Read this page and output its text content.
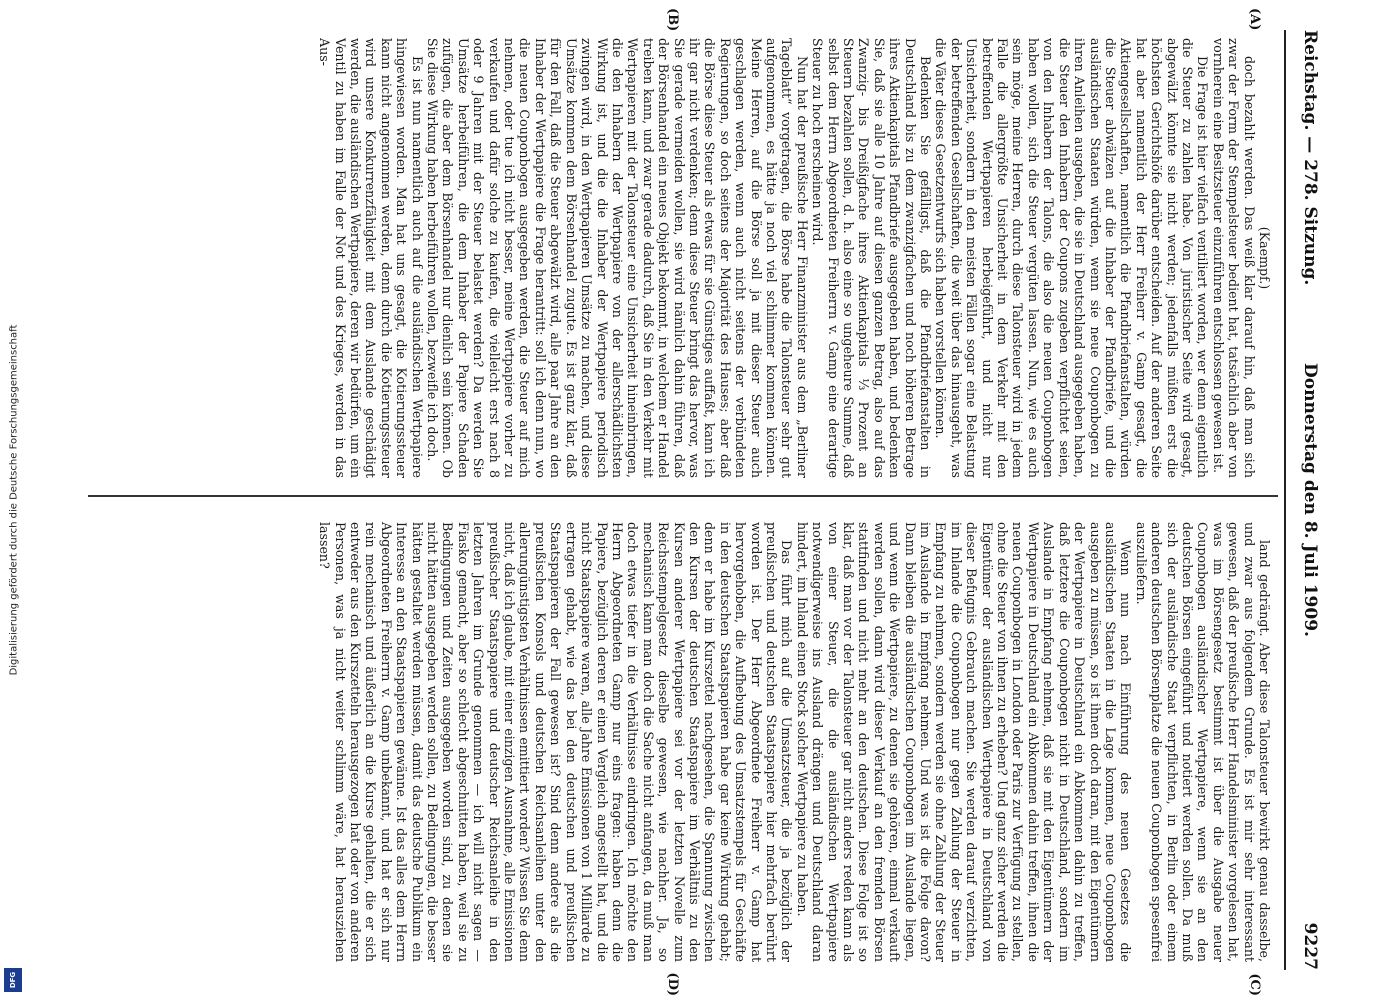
Digitalisierung gefördert durch die Deutsche Forschungsgemeinschaft
DFG
Reichstag. — 278. Sitzung.
Donnerstag den 8. Juli 1909.
9227
(A)
(B)
(C)
(D)
(Kaempf.)

doch bezahlt werden. Das weiß klar darauf hin, daß man sich zwar der Form der Stempelsteuer bedient hat, tatsächlich aber von vornherein eine Besitzsteuer einzuführen entschlossen gewesen ist.

Die Frage ist hier vielfach ventiliert worden, wer denn eigentlich die Steuer zu zahlen habe. Von juristischer Seite wird gesagt, abgewälzt könnte sie nicht werden; jedenfalls müßten erst die höchsten Gerichtshöfe darüber entscheiden. Auf der anderen Seite hat aber namentlich der Herr Freiherr v. Gamp gesagt, die Aktiengesellschaften, namentlich die Pfandbriefanstalten, würden die Steuer abwälzen auf die Inhaber der Pfandbriefe, und die ausländischen Staaten würden, wenn sie neue Couponbogen zu ihren Anleihen ausgeben, die sie in Deutschland ausgegeben haben, die Steuer den Inhabern der Coupons zugeben verpflichtet seien, von den Inhabern der Talons, die also die neuen Couponbogen haben wollen, sich die Steuer vergüten lassen. Nun, wie es auch sein möge, meine Herren, durch diese Talonsteuer wird in jedem Falle die allergrößte Unsicherheit in dem Verkehr mit den betreffenden Wertpapieren herbeigeführt, und nicht nur Unsicherheit, sondern in den meisten Fällen sogar eine Belastung der betreffenden Gesellschaften, die weit über das hinausgeht, was die Väter dieses Gesetzentwurfs sich haben vorstellen können.

Bedenken Sie gefälligst, daß die Pfandbriefanstalten in Deutschland bis zu dem zwanzigfachen und noch höheren Betrage ihres Aktienkapitals Pfandbriefe ausgegeben haben, und bedenken Sie, daß sie alle 10 Jahre auf diesen ganzen Betrag, also auf das Zwanzig- bis Dreißigfache ihres Aktienkapitals ⅓ Prozent an Steuern bezahlen sollen, d. h. also eine so ungeheure Summe, daß selbst dem Herrn Abgeordneten Freiherrn v. Gamp eine derartige Steuer zu hoch erscheinen wird.

Nun hat der preußische Herr Finanzminister aus dem „Berliner Tageblatt“ vorgetragen, die Börse habe die Talonsteuer sehr gut aufgenommen, es hätte ja noch viel schlimmer kommen können. Meine Herren, auf die Börse soll ja mit dieser Steuer auch geschlagen werden, wenn auch nicht seitens der verbündeten Regierungen, so doch seitens der Majorität des Hauses; aber daß die Börse diese Steuer als etwas für sie Günstiges auffaßt, kann ich ihr gar nicht verdenken; denn diese Steuer bringt das hervor, was Sie gerade vermeiden wollen, sie wird nämlich dahin führen, daß der Börsenhandel ein neues Objekt bekommt, in welchem er Handel treiben kann, und zwar gerade dadurch, daß Sie in den Verkehr mit Wertpapieren mit der Talonsteuer eine Unsicherheit hineinbringen, die den Inhabern der Wertpapiere von der allerschädlichsten Wirkung ist, und die die Inhaber der Wertpapiere periodisch zwingen wird, in den Wertpapieren Umsätze zu machen, und diese Umsätze kommen dem Börsenhandel zugute. Es ist ganz klar, daß für den Fall, daß die Steuer abgewälzt wird, alle paar Jahre an den Inhaber der Wertpapiere die Frage herantritt: soll ich denn nun, wo die neuen Couponbogen ausgegeben werden, die Steuer auf mich nehmen, oder tue ich nicht besser, meine Wertpapiere vorher zu verkaufen und dafür solche zu kaufen, die vielleicht erst nach 8 oder 9 Jahren mit der Steuer belastet werden? Da werden Sie Umsätze herbeiführen, die dem Inhaber der Papiere Schaden zufügen, die aber dem Börsenhandel nur dienlich sein können. Ob Sie diese Wirkung haben herbeiführen wollen, bezweifle ich doch.

Es ist nun namentlich auch auf die ausländischen Wertpapiere hingewiesen worden. Man hat uns gesagt, die Kotierungssteuer kann nicht angenommen werden, denn durch die Kotierungssteuer wird unsere Konkurrenzfähigkeit mit dem Auslande geschädigt werden, die ausländischen Wertpapiere, deren wir bedürfen, um ein Ventil zu haben im Falle der Not und des Krieges, werden in das Aus-

land gedrängt. Aber diese Talonsteuer bewirkt genau dasselbe, und zwar aus folgendem Grunde. Es ist mir sehr interessant gewesen, daß der preußische Herr Handelsminister vorgelesen hat, was im Börsengesetz bestimmt ist über die Ausgabe neuer Couponbogen ausländischer Wertpapiere, wenn sie an den deutschen Börsen eingeführt und notiert werden sollen. Da muß sich der ausländische Staat verpflichten, in Berlin oder einem anderen deutschen Börsenplatze die neuen Couponbogen spesenfrei auszuliefern.

Wenn nun nach Einführung des neuen Gesetzes die ausländischen Staaten in die Lage kommen, neue Couponbogen ausgeben zu müssen, so ist ihnen doch daran, mit den Eigentümern der Wertpapiere in Deutschland ein Abkommen dahin zu treffen, daß letztere die Couponbogen nicht in Deutschland, sondern im Auslande in Empfang nehmen, daß sie mit den Eigentümern der Wertpapiere in Deutschland ein Abkommen dahin treffen, ihnen die neuen Couponbogen in London oder Paris zur Verfügung zu stellen, ohne die Steuer von ihnen zu erheben? Und ganz sicher werden die Eigentümer der ausländischen Wertpapiere in Deutschland von dieser Befugnis Gebrauch machen. Sie werden darauf verzichten, im Inlande die Couponbogen nur gegen Zahlung der Steuer in Empfang zu nehmen, sondern werden sie ohne Zahlung der Steuer im Auslande in Empfang nehmen. Und was ist die Folge davon? Dann bleiben die ausländischen Couponbogen im Auslande liegen, und wenn die Wertpapiere, zu denen sie gehören, einmal verkauft werden sollen, dann wird dieser Verkauf an den fremden Börsen stattfinden und nicht mehr an den deutschen. Diese Folge ist so klar, daß man vor der Talonsteuer gar nicht anders reden kann als von einer Steuer, die die ausländischen Wertpapiere notwendigerweise ins Ausland drängen und Deutschland daran hindert, im Inland einen Stock solcher Wertpapiere zu haben.

Das führt mich auf die Umsatzsteuer, die ja bezüglich der preußischen und deutschen Staatspapiere hier mehrfach berührt worden ist. Der Herr Abgeordnete Freiherr v. Gamp hat hervorgehoben, die Aufhebung des Umsatzstempels für Geschäfte in den deutschen Staatspapieren habe gar keine Wirkung gehabt; denn er habe im Kurszettel nachgesehen, die Spannung zwischen den Kursen der deutschen Staatspapiere im Verhältnis zu den Kursen anderer Wertpapiere sei vor der letzten Novelle zum Reichsstempelgesetz dieselbe gewesen, wie nachher. Ja, so mechanisch kann man doch die Sache nicht anfangen, da muß man doch etwas tiefer in die Verhältnisse eindringen. Ich möchte den Herrn Abgeordneten Gamp nur eins fragen: haben denn die Papiere, bezüglich deren er einen Vergleich angestellt hat, und die nicht Staatspapiere waren, alle Jahre Emissionen von 1 Milliarde zu ertragen gehabt, wie das bei den deutschen und preußischen Staatspapieren der Fall gewesen ist? Sind denn andere als die preußischen Konsols und deutschen Reichsanleihen unter den allerungünstigsten Verhältnissen emittiert worden? Wissen Sie denn nicht, daß ich glaube, mit einer einzigen Ausnahme, alle Emissionen preußischer Staatspapiere und deutscher Reichsanleihe in den letzten Jahren im Grunde genommen — ich will nicht sagen — Fiasko gemacht, aber so schlecht abgeschnitten haben, weil sie zu Bedingungen und Zeiten ausgegeben worden sind, zu denen sie nicht hätten ausgegeben werden sollen, zu Bedingungen, die besser hätten gestaltet werden müssen, damit das deutsche Publikum ein Interesse an den Staatspapieren gewänne. Ist das alles dem Herrn Abgeordneten Freiherrn v. Gamp unbekannt, und hat er sich nur rein mechanisch und äußerlich an die Kurse gehalten, die er sich entweder aus den Kurszetteln herausgezogen hat oder von anderen Personen, was ja nicht weiter schlimm wäre, hat herausziehen lassen?
